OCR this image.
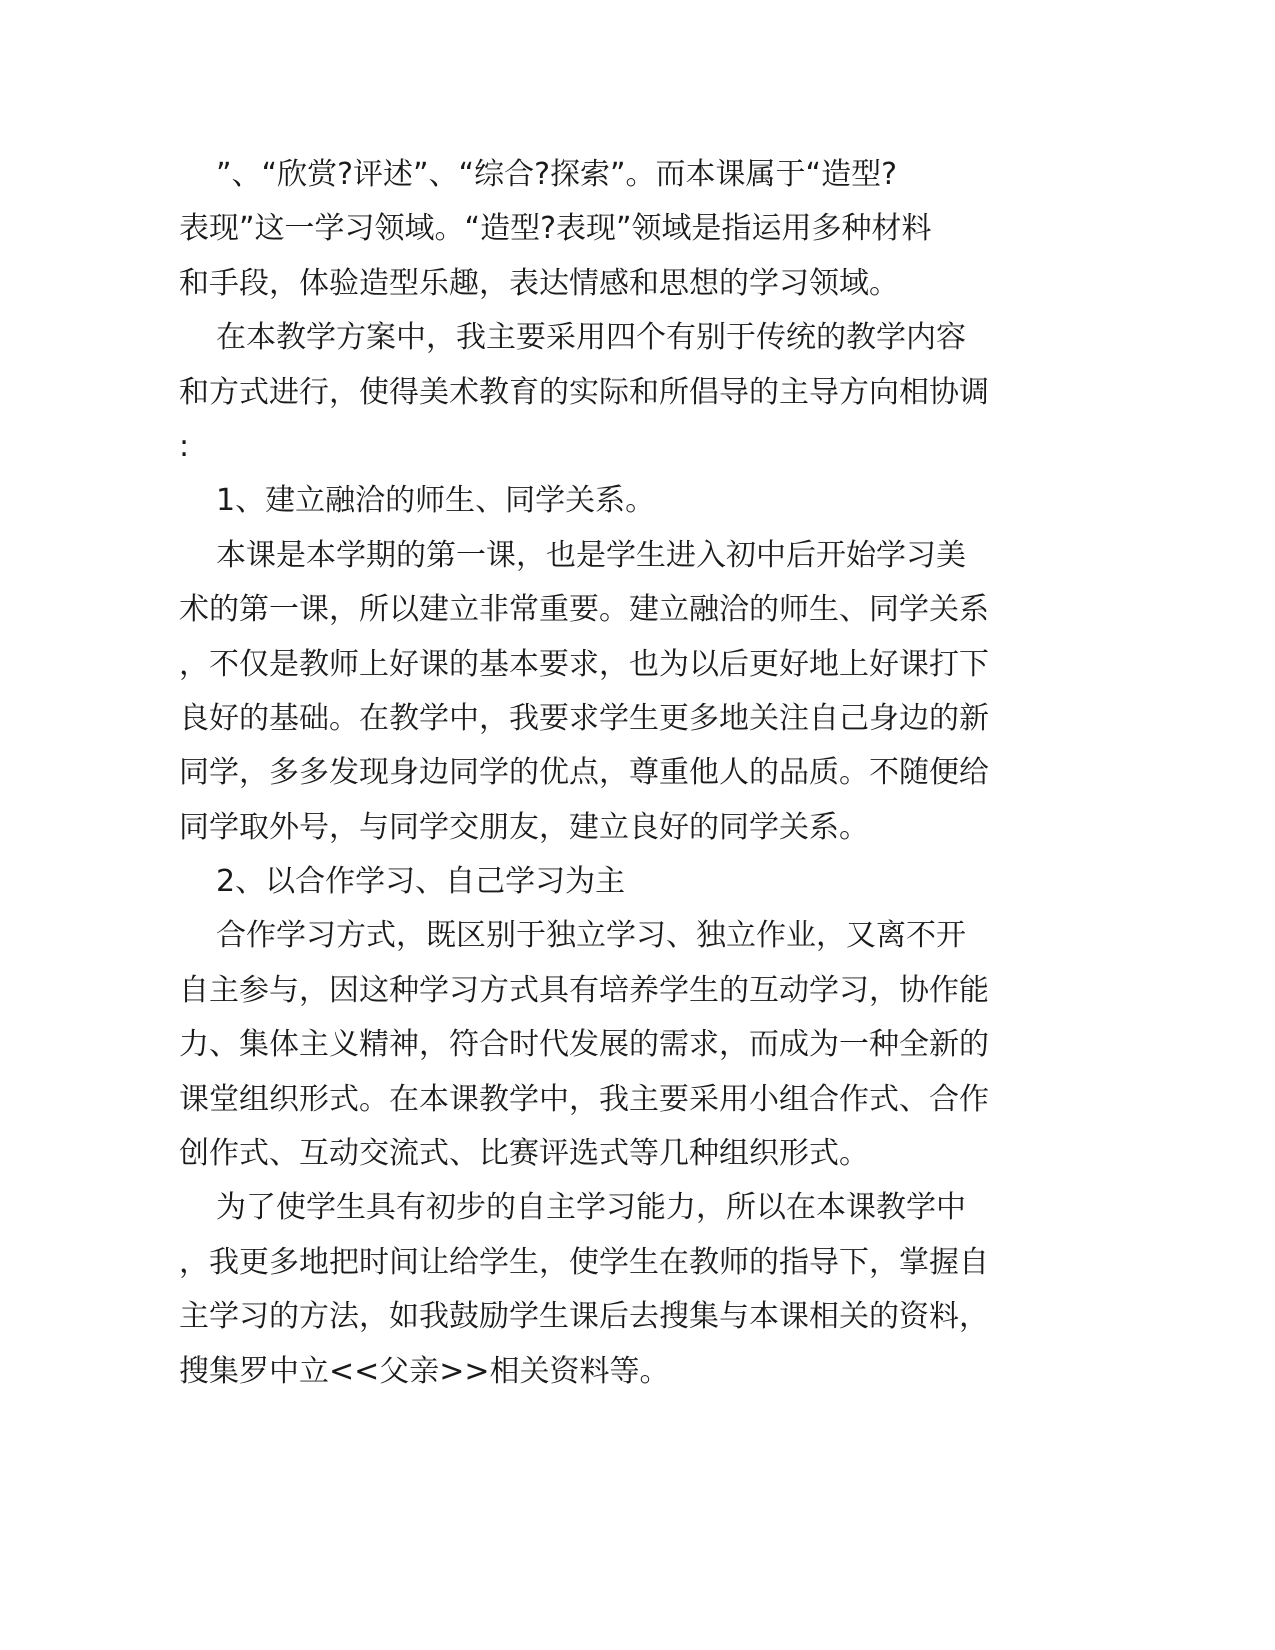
”、“欣赏?评述”、“综合?探索”。而本课属于“造型?
表现”这一学习领域。“造型?表现”领域是指运用多种材料
和手段，体验造型乐趣，表达情感和思想的学习领域。
在本教学方案中，我主要采用四个有别于传统的教学内容
和方式进行，使得美术教育的实际和所倡导的主导方向相协调
:
1、建立融洽的师生、同学关系。
本课是本学期的第一课，也是学生进入初中后开始学习美
术的第一课，所以建立非常重要。建立融洽的师生、同学关系
，不仅是教师上好课的基本要求，也为以后更好地上好课打下
良好的基础。在教学中，我要求学生更多地关注自己身边的新
同学，多多发现身边同学的优点，尊重他人的品质。不随便给
同学取外号，与同学交朋友，建立良好的同学关系。
2、以合作学习、自己学习为主
合作学习方式，既区别于独立学习、独立作业，又离不开
自主参与，因这种学习方式具有培养学生的互动学习，协作能
力、集体主义精神，符合时代发展的需求，而成为一种全新的
课堂组织形式。在本课教学中，我主要采用小组合作式、合作
创作式、互动交流式、比赛评选式等几种组织形式。
为了使学生具有初步的自主学习能力，所以在本课教学中
，我更多地把时间让给学生，使学生在教师的指导下，掌握自
主学习的方法，如我鼓励学生课后去搜集与本课相关的资料，
搜集罗中立<<父亲>>相关资料等。
